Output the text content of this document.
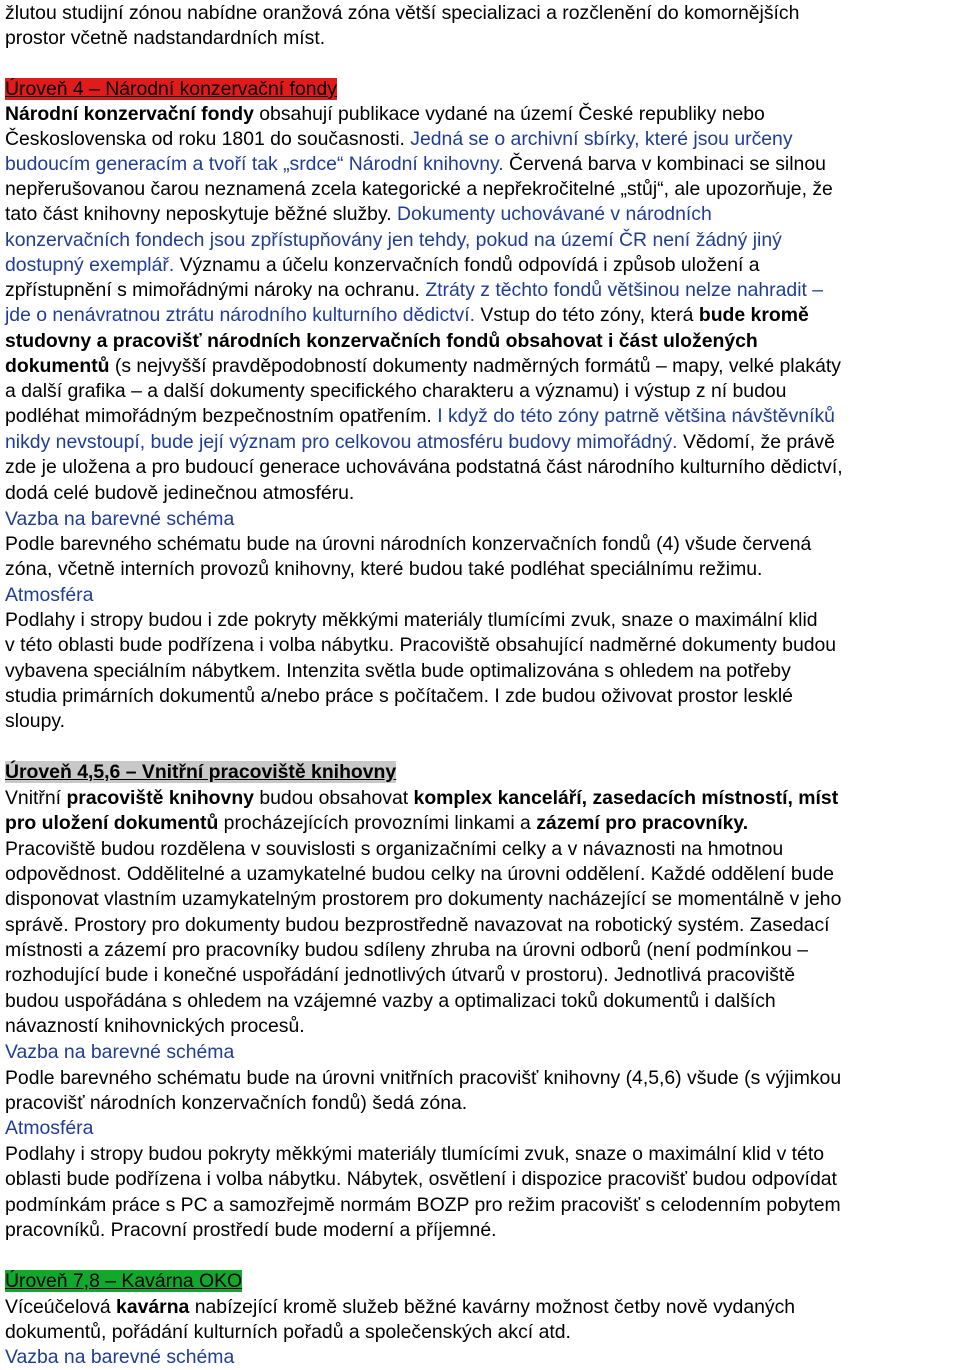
žlutou studijní zónou nabídne oranžová zóna větší specializaci a rozčlenění do komornějších
prostor včetně nadstandardních míst.
Úroveň 4 – Národní konzervační fondy
Národní konzervační fondy obsahují publikace vydané na území České republiky nebo
Československa od roku 1801 do současnosti. Jedná se o archivní sbírky, které jsou určeny
budoucím generacím a tvoří tak „srdce“ Národní knihovny. Červená barva v kombinaci se silnou
nepřerušovanou čarou neznamená zcela kategorické a nepřekročitelné „stůj“, ale upozorňuje, že
tato část knihovny neposkytuje běžné služby. Dokumenty uchovávané v národních
konzervačních fondech jsou zpřístupňovány jen tehdy, pokud na území ČR není žádný jiný
dostupný exemplář. Významu a účelu konzervačních fondů odpovídá i způsob uložení a
zpřístupnění s mimořádnými nároky na ochranu. Ztráty z těchto fondů většinou nelze nahradit –
jde o nenávratnou ztrátu národního kulturního dědictví. Vstup do této zóny, která bude kromě
studovny a pracovišť národních konzervačních fondů obsahovat i část uložených
dokumentů (s nejvyšší pravděpodobností dokumenty nadměrných formátů – mapy, velké plakáty
a další grafika – a další dokumenty specifického charakteru a významu) i výstup z ní budou
podléhat mimořádným bezpečnostním opatřením. I když do této zóny patrně většina návštěvníků
nikdy nevstoupí, bude její význam pro celkovou atmosféru budovy mimořádný. Vědomí, že právě
zde je uložena a pro budoucí generace uchovávána podstatná část národního kulturního dědictví,
dodá celé budově jedinečnou atmosféru.
Vazba na barevné schéma
Podle barevného schématu bude na úrovni národních konzervačních fondů (4) všude červená
zóna, včetně interních provozů knihovny, které budou také podléhat speciálnímu režimu.
Atmosféra
Podlahy i stropy budou i zde pokryty měkkými materiály tlumícími zvuk, snaze o maximální klid
v této oblasti bude podřízena i volba nábytku. Pracoviště obsahující nadměrné dokumenty budou
vybavena speciálním nábytkem. Intenzita světla bude optimalizována s ohledem na potřeby
studia primárních dokumentů a/nebo práce s počítačem. I zde budou oživovat prostor lesklé
sloupy.
Úroveň 4,5,6 – Vnitřní pracoviště knihovny
Vnitřní pracoviště knihovny budou obsahovat komplex kanceláří, zasedacích místností, míst
pro uložení dokumentů procházejících provozními linkami a zázemí pro pracovníky.
Pracoviště budou rozdělena v souvislosti s organizačními celky a v návaznosti na hmotnou
odpovědnost. Oddělitelné a uzamykatelné budou celky na úrovni oddělení. Každé oddělení bude
disponovat vlastním uzamykatelným prostorem pro dokumenty nacházející se momentálně v jeho
správě. Prostory pro dokumenty budou bezprostředně navazovat na robotický systém. Zasedací
místnosti a zázemí pro pracovníky budou sdíleny zhruba na úrovni odborů (není podmínkou –
rozhodující bude i konečné uspořádání jednotlivých útvarů v prostoru). Jednotlivá pracoviště
budou uspořádána s ohledem na vzájemné vazby a optimalizaci toků dokumentů i dalších
návazností knihovnických procesů.
Vazba na barevné schéma
Podle barevného schématu bude na úrovni vnitřních pracovišť knihovny (4,5,6) všude (s výjimkou
pracovišť národních konzervačních fondů) šedá zóna.
Atmosféra
Podlahy i stropy budou pokryty měkkými materiály tlumícími zvuk, snaze o maximální klid v této
oblasti bude podřízena i volba nábytku. Nábytek, osvětlení i dispozice pracovišť budou odpovídat
podmínkám práce s PC a samozřejmě normám BOZP pro režim pracovišť s celodenním pobytem
pracovníků. Pracovní prostředí bude moderní a příjemné.
Úroveň 7,8 – Kavárna OKO
Víceúčelová kavárna nabízející kromě služeb běžné kavárny možnost četby nově vydaných
dokumentů, pořádání kulturních pořadů a společenských akcí atd.
Vazba na barevné schéma
